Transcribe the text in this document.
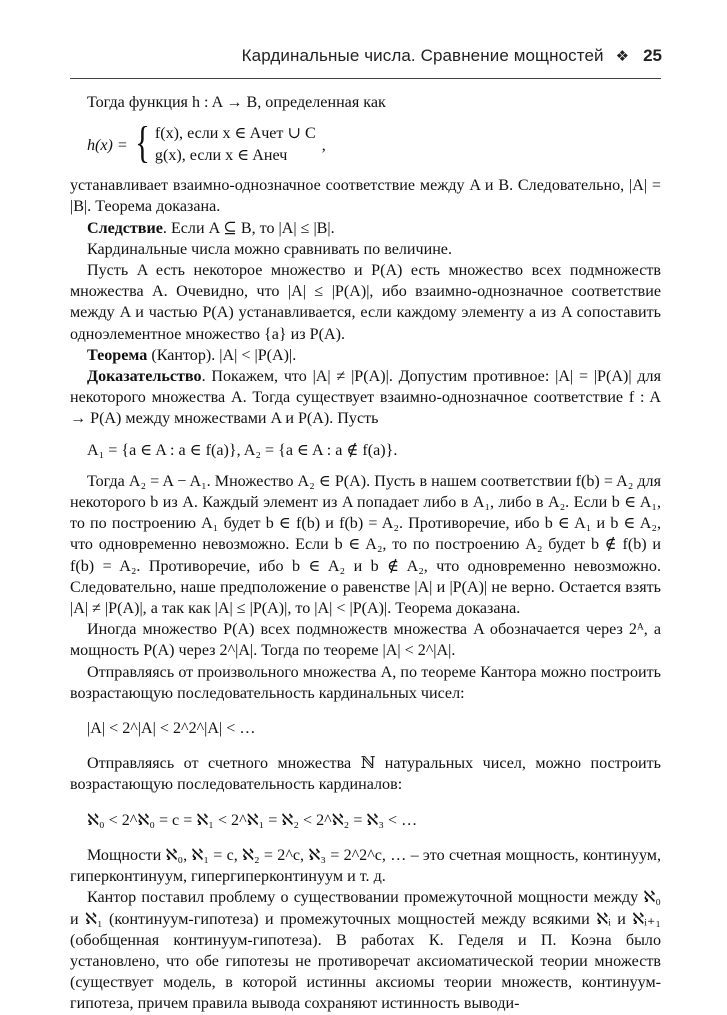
Кардинальные числа. Сравнение мощностей ❖ 25

Тогда функция h : A → B, определенная как

h(x) = { f(x), если x ∈ Aчет ∪ C
g(x), если x ∈ Aнеч
,

устанавливает взаимно-однозначное соответствие между A и B. Следовательно, |A| = |B|. Теорема доказана.

Следствие. Если A ⊆ B, то |A| ≤ |B|.

Кардинальные числа можно сравнивать по величине.

Пусть A есть некоторое множество и P(A) есть множество всех подмножеств множества A. Очевидно, что |A| ≤ |P(A)|, ибо взаимно-однозначное соответствие между A и частью P(A) устанавливается, если каждому элементу a из A сопоставить одноэлементное множество {a} из P(A).

Теорема (Кантор). |A| < |P(A)|.

Доказательство. Покажем, что |A| ≠ |P(A)|. Допустим противное: |A| = |P(A)| для некоторого множества A. Тогда существует взаимно-однозначное соответствие f : A → P(A) между множествами A и P(A). Пусть

A₁ = {a ∈ A : a ∈ f(a)}, A₂ = {a ∈ A : a ∉ f(a)}.

Тогда A₂ = A − A₁. Множество A₂ ∈ P(A). Пусть в нашем соответствии f(b) = A₂ для некоторого b из A. Каждый элемент из A попадает либо в A₁, либо в A₂. Если b ∈ A₁, то по построению A₁ будет b ∈ f(b) и f(b) = A₂. Противоречие, ибо b ∈ A₁ и b ∈ A₂, что одновременно невозможно. Если b ∈ A₂, то по построению A₂ будет b ∉ f(b) и f(b) = A₂. Противоречие, ибо b ∈ A₂ и b ∉ A₂, что одновременно невозможно. Следовательно, наше предположение о равенстве |A| и |P(A)| не верно. Остается взять |A| ≠ |P(A)|, а так как |A| ≤ |P(A)|, то |A| < |P(A)|. Теорема доказана.

Иногда множество P(A) всех подмножеств множества A обозначается через 2ᴬ, а мощность P(A) через 2^|A|. Тогда по теореме |A| < 2^|A|.

Отправляясь от произвольного множества A, по теореме Кантора можно построить возрастающую последовательность кардинальных чисел:

|A| < 2^|A| < 2^2^|A| < …

Отправляясь от счетного множества ℕ натуральных чисел, можно построить возрастающую последовательность кардиналов:

ℵ₀ < 2^ℵ₀ = c = ℵ₁ < 2^ℵ₁ = ℵ₂ < 2^ℵ₂ = ℵ₃ < …

Мощности ℵ₀, ℵ₁ = c, ℵ₂ = 2^c, ℵ₃ = 2^2^c, … – это счетная мощность, континуум, гиперконтинуум, гипергиперконтинуум и т. д.

Кантор поставил проблему о существовании промежуточной мощности между ℵ₀ и ℵ₁ (континуум-гипотеза) и промежуточных мощностей между всякими ℵᵢ и ℵᵢ₊₁ (обобщенная континуум-гипотеза). В работах К. Геделя и П. Коэна было установлено, что обе гипотезы не противоречат аксиоматической теории множеств (существует модель, в которой истинны аксиомы теории множеств, континуум-гипотеза, причем правила вывода сохраняют истинность выводи-
